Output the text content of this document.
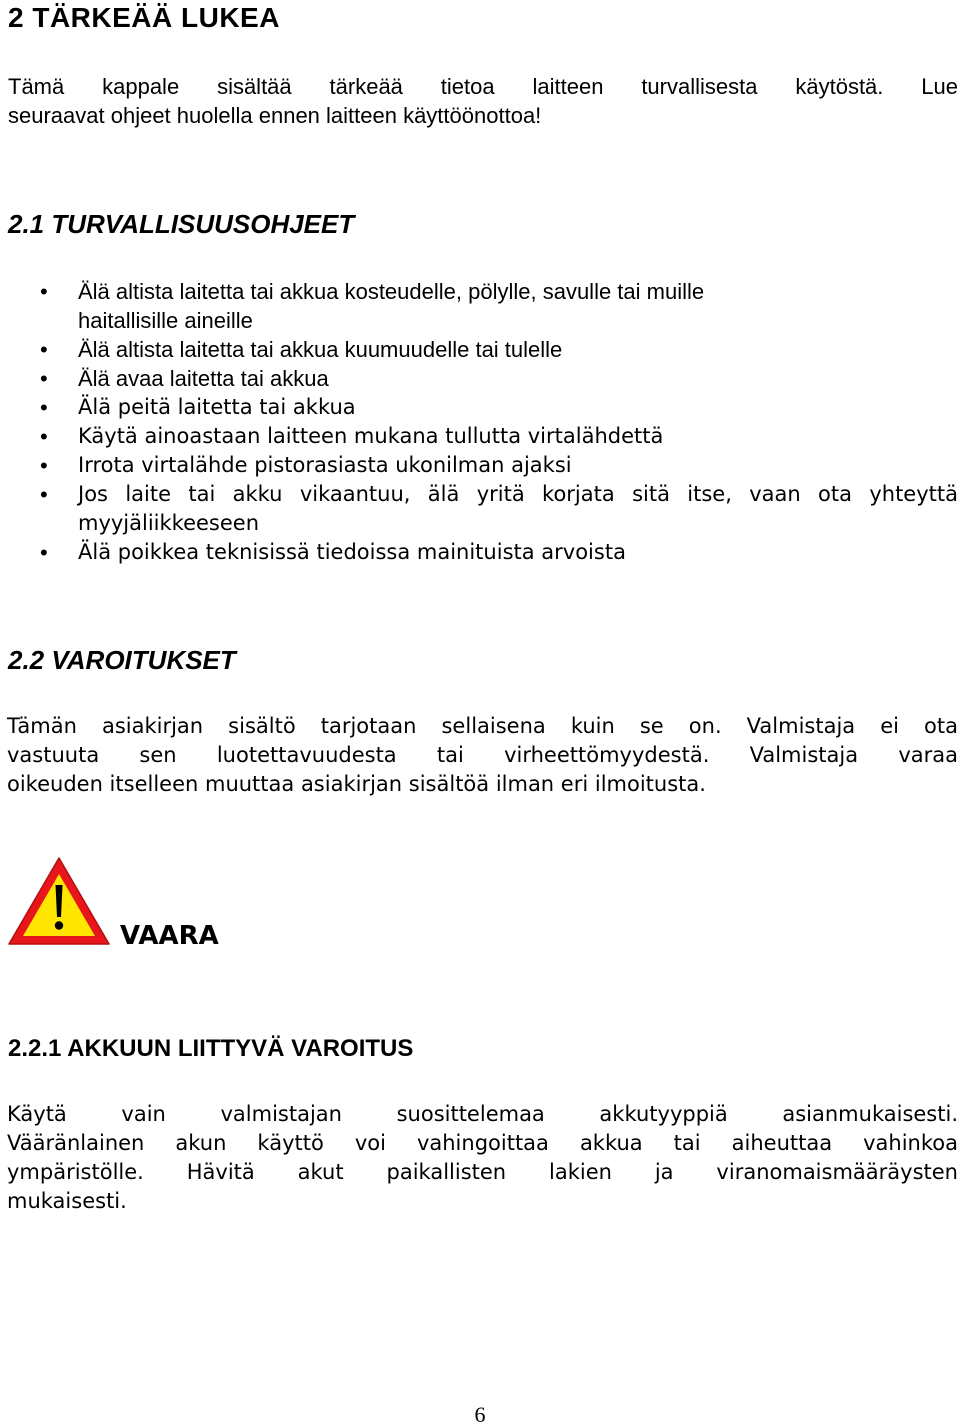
2 TÄRKEÄÄ LUKEA
Tämä kappale sisältää tärkeää tietoa laitteen turvallisesta käytöstä. Lue
seuraavat ohjeet huolella ennen laitteen käyttöönottoa!
2.1 TURVALLISUUSOHJEET
• Älä altista laitetta tai akkua kosteudelle, pölylle, savulle tai muille
haitallisille aineille
• Älä altista laitetta tai akkua kuumuudelle tai tulelle
• Älä avaa laitetta tai akkua
• Älä peitä laitetta tai akkua
• Käytä ainoastaan laitteen mukana tullutta virtalähdettä
• Irrota virtalähde pistorasiasta ukonilman ajaksi
• Jos laite tai akku vikaantuu, älä yritä korjata sitä itse, vaan ota yhteyttä
myyjäliikkeeseen
• Älä poikkea teknisissä tiedoissa mainituista arvoista
2.2 VAROITUKSET
Tämän asiakirjan sisältö tarjotaan sellaisena kuin se on. Valmistaja ei ota
vastuuta sen luotettavuudesta tai virheettömyydestä. Valmistaja varaa
oikeuden itselleen muuttaa asiakirjan sisältöä ilman eri ilmoitusta.
VAARA
2.2.1 AKKUUN LIITTYVÄ VAROITUS
Käytä vain valmistajan suosittelemaa akkutyyppiä asianmukaisesti.
Vääränlainen akun käyttö voi vahingoittaa akkua tai aiheuttaa vahinkoa
ympäristölle. Hävitä akut paikallisten lakien ja viranomaismääräysten
mukaisesti.
6
